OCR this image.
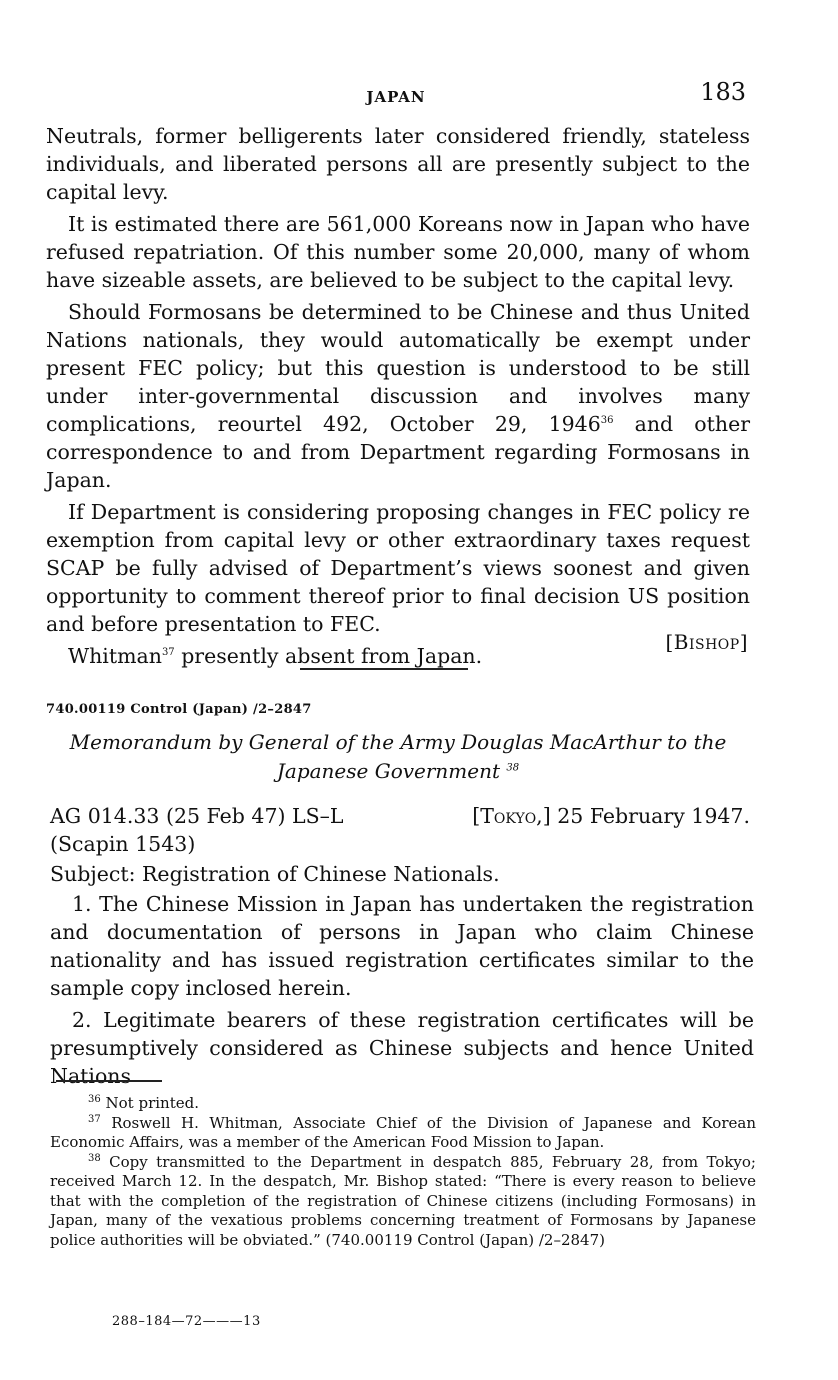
JAPAN	183

Neutrals, former belligerents later considered friendly, stateless individuals, and liberated persons all are presently subject to the capital levy.

It is estimated there are 561,000 Koreans now in Japan who have refused repatriation. Of this number some 20,000, many of whom have sizeable assets, are believed to be subject to the capital levy.

Should Formosans be determined to be Chinese and thus United Nations nationals, they would automatically be exempt under present FEC policy; but this question is understood to be still under inter-governmental discussion and involves many complications, reourtel 492, October 29, 1946$^{36}$ and other correspondence to and from Department regarding Formosans in Japan.

If Department is considering proposing changes in FEC policy re exemption from capital levy or other extraordinary taxes request SCAP be fully advised of Department’s views soonest and given opportunity to comment thereof prior to final decision US position and before presentation to FEC.

Whitman$^{37}$ presently absent from Japan.

[Bishop]
740.00119 Control (Japan) /2–2847
Memorandum by General of the Army Douglas MacArthur to the Japanese Government $^{38}$
AG 014.33 (25 Feb 47) LS–L	[Tokyo,] 25 February 1947.
(Scapin 1543)
Subject: Registration of Chinese Nationals.

1. The Chinese Mission in Japan has undertaken the registration and documentation of persons in Japan who claim Chinese nationality and has issued registration certificates similar to the sample copy inclosed herein.

2. Legitimate bearers of these registration certificates will be presumptively considered as Chinese subjects and hence United Nations

$^{36}$ Not printed.

$^{37}$ Roswell H. Whitman, Associate Chief of the Division of Japanese and Korean Economic Affairs, was a member of the American Food Mission to Japan.

$^{38}$ Copy transmitted to the Department in despatch 885, February 28, from Tokyo; received March 12. In the despatch, Mr. Bishop stated: “There is every reason to believe that with the completion of the registration of Chinese citizens (including Formosans) in Japan, many of the vexatious problems concerning treatment of Formosans by Japanese police authorities will be obviated.” (740.00119 Control (Japan) /2–2847)

288–184—72———13
